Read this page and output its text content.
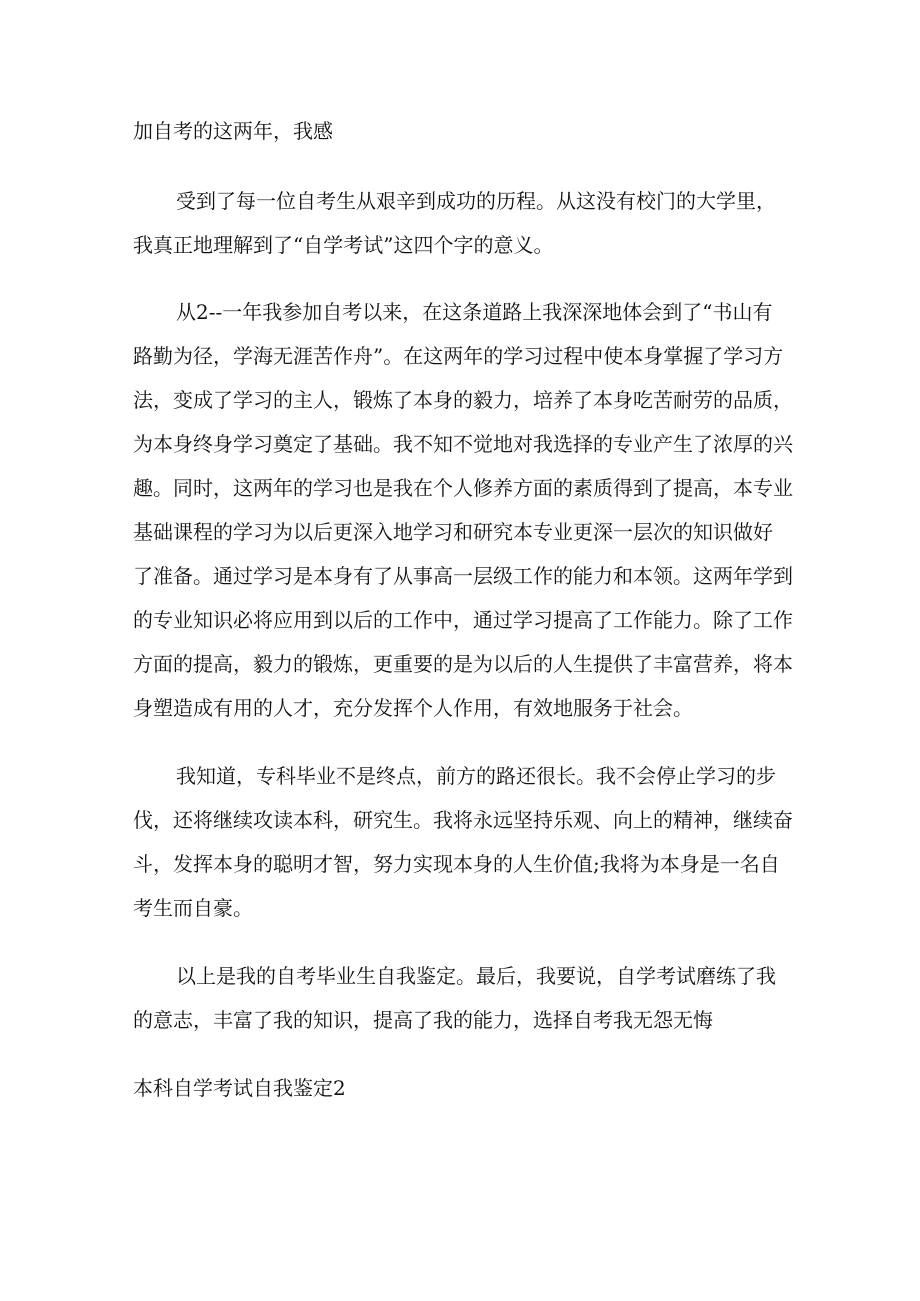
加自考的这两年，我感
受到了每一位自考生从艰辛到成功的历程。从这没有校门的大学里，
我真正地理解到了“自学考试”这四个字的意义。
从2--一年我参加自考以来，在这条道路上我深深地体会到了“书山有
路勤为径，学海无涯苦作舟”。在这两年的学习过程中使本身掌握了学习方
法，变成了学习的主人，锻炼了本身的毅力，培养了本身吃苦耐劳的品质，
为本身终身学习奠定了基础。我不知不觉地对我选择的专业产生了浓厚的兴
趣。同时，这两年的学习也是我在个人修养方面的素质得到了提高，本专业
基础课程的学习为以后更深入地学习和研究本专业更深一层次的知识做好
了准备。通过学习是本身有了从事高一层级工作的能力和本领。这两年学到
的专业知识必将应用到以后的工作中，通过学习提高了工作能力。除了工作
方面的提高，毅力的锻炼，更重要的是为以后的人生提供了丰富营养，将本
身塑造成有用的人才，充分发挥个人作用，有效地服务于社会。
我知道，专科毕业不是终点，前方的路还很长。我不会停止学习的步
伐，还将继续攻读本科，研究生。我将永远坚持乐观、向上的精神，继续奋
斗，发挥本身的聪明才智，努力实现本身的人生价值;我将为本身是一名自
考生而自豪。
以上是我的自考毕业生自我鉴定。最后，我要说，自学考试磨练了我
的意志，丰富了我的知识，提高了我的能力，选择自考我无怨无悔
本科自学考试自我鉴定2
